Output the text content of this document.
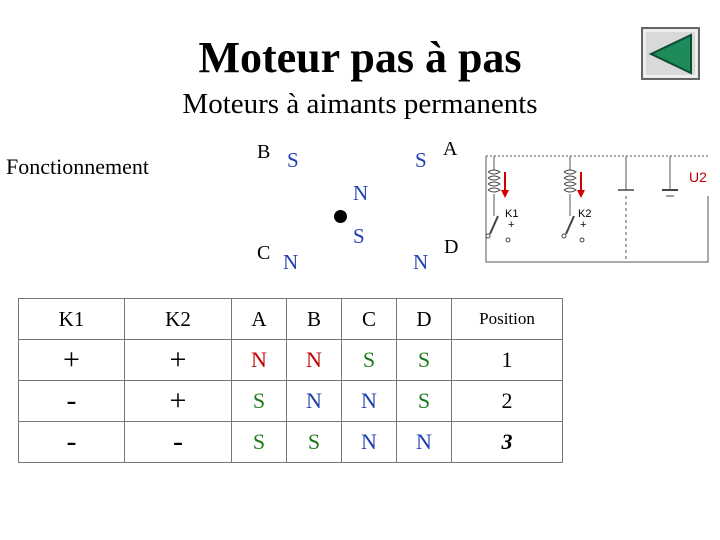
Moteur pas à pas
Moteurs à aimants permanents
Fonctionnement
B S	S A
N
S
C N	N
D
U2
K1
+
K2
+
K1	K2	A	B	C	D	Position
+	+	N	N	S	S	1
-	+	S	N	N	S	2
-	-	S	S	N	N	3
